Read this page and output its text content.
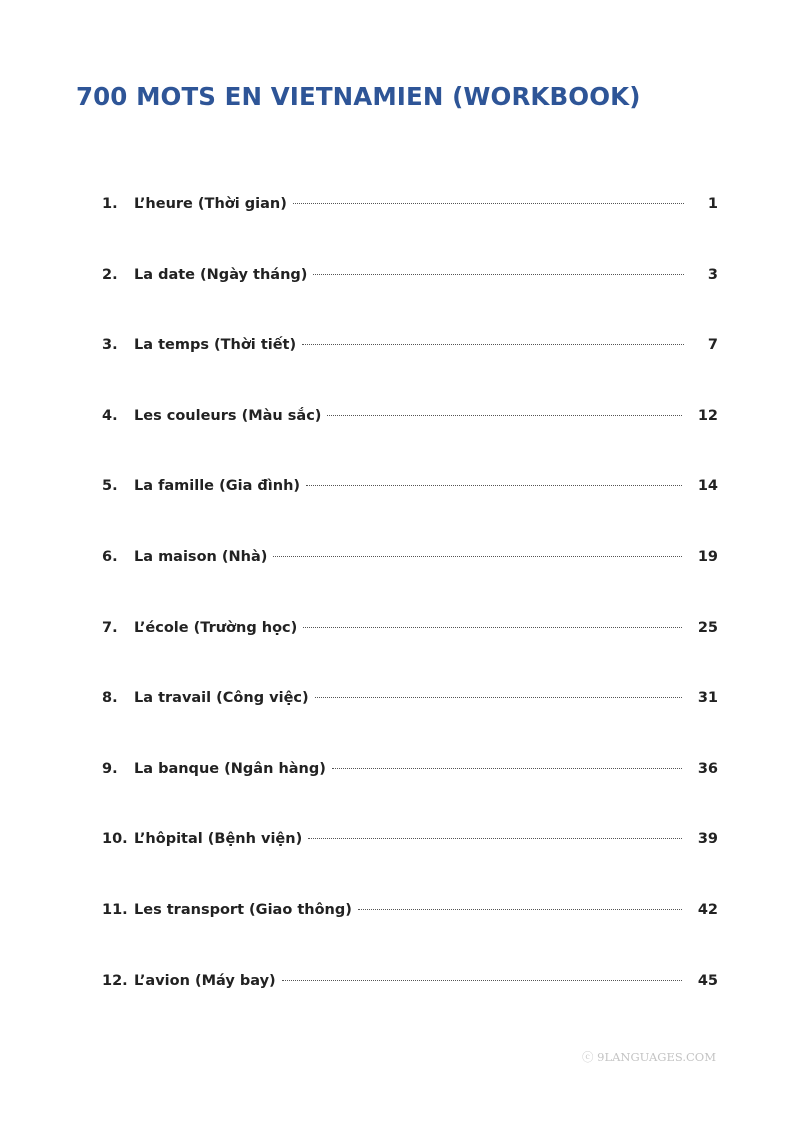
700 MOTS EN VIETNAMIEN (WORKBOOK)
1.	L’heure (Thời gian)	1
2.	La date (Ngày tháng)	3
3.	La temps (Thời tiết)	7
4.	Les couleurs (Màu sắc)	12
5.	La famille (Gia đình)	14
6.	La maison (Nhà)	19
7.	L’école (Trường học)	25
8.	La travail (Công việc)	31
9.	La banque (Ngân hàng)	36
10. L’hôpital (Bệnh viện)	39
11. Les transport (Giao thông)	42
12. L’avion (Máy bay)	45
ⓒ 9LANGUAGES.COM
